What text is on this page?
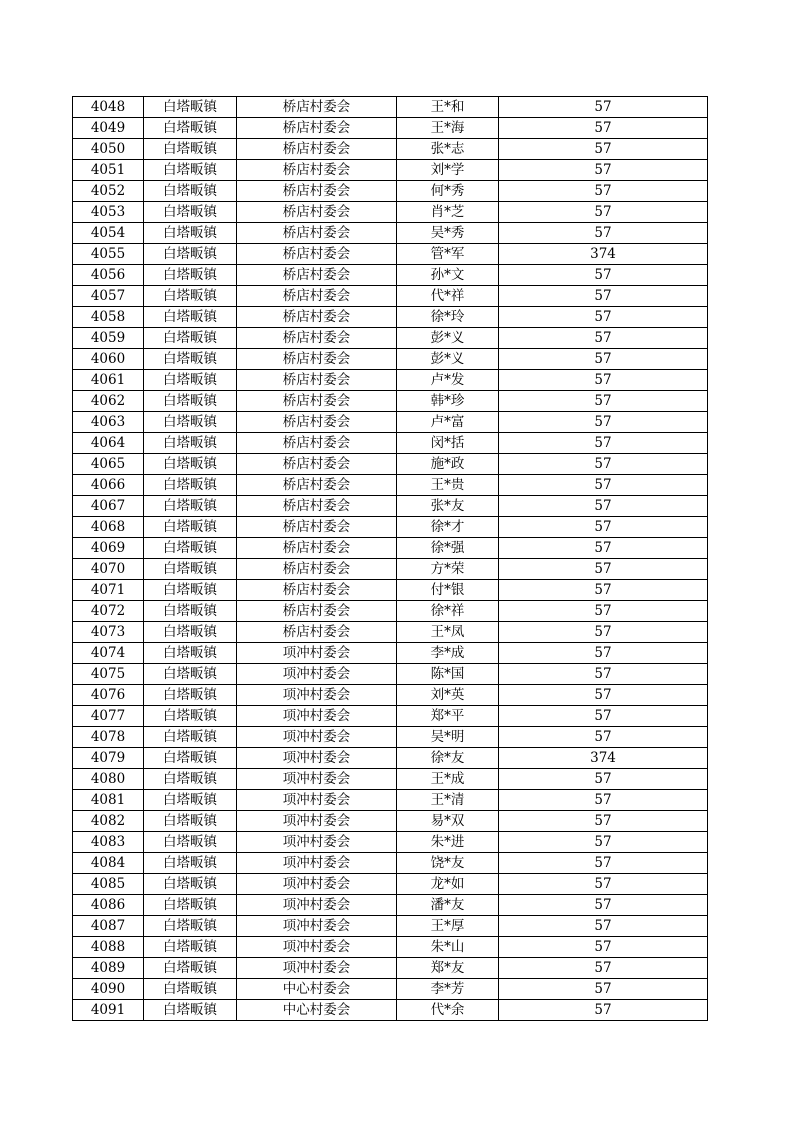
4048	白塔畈镇	桥店村委会	王*和	57
4049	白塔畈镇	桥店村委会	王*海	57
4050	白塔畈镇	桥店村委会	张*志	57
4051	白塔畈镇	桥店村委会	刘*学	57
4052	白塔畈镇	桥店村委会	何*秀	57
4053	白塔畈镇	桥店村委会	肖*芝	57
4054	白塔畈镇	桥店村委会	吴*秀	57
4055	白塔畈镇	桥店村委会	管*军	374
4056	白塔畈镇	桥店村委会	孙*文	57
4057	白塔畈镇	桥店村委会	代*祥	57
4058	白塔畈镇	桥店村委会	徐*玲	57
4059	白塔畈镇	桥店村委会	彭*义	57
4060	白塔畈镇	桥店村委会	彭*义	57
4061	白塔畈镇	桥店村委会	卢*发	57
4062	白塔畈镇	桥店村委会	韩*珍	57
4063	白塔畈镇	桥店村委会	卢*富	57
4064	白塔畈镇	桥店村委会	闵*括	57
4065	白塔畈镇	桥店村委会	施*政	57
4066	白塔畈镇	桥店村委会	王*贵	57
4067	白塔畈镇	桥店村委会	张*友	57
4068	白塔畈镇	桥店村委会	徐*才	57
4069	白塔畈镇	桥店村委会	徐*强	57
4070	白塔畈镇	桥店村委会	方*荣	57
4071	白塔畈镇	桥店村委会	付*银	57
4072	白塔畈镇	桥店村委会	徐*祥	57
4073	白塔畈镇	桥店村委会	王*凤	57
4074	白塔畈镇	项冲村委会	李*成	57
4075	白塔畈镇	项冲村委会	陈*国	57
4076	白塔畈镇	项冲村委会	刘*英	57
4077	白塔畈镇	项冲村委会	郑*平	57
4078	白塔畈镇	项冲村委会	吴*明	57
4079	白塔畈镇	项冲村委会	徐*友	374
4080	白塔畈镇	项冲村委会	王*成	57
4081	白塔畈镇	项冲村委会	王*清	57
4082	白塔畈镇	项冲村委会	易*双	57
4083	白塔畈镇	项冲村委会	朱*进	57
4084	白塔畈镇	项冲村委会	饶*友	57
4085	白塔畈镇	项冲村委会	龙*如	57
4086	白塔畈镇	项冲村委会	潘*友	57
4087	白塔畈镇	项冲村委会	王*厚	57
4088	白塔畈镇	项冲村委会	朱*山	57
4089	白塔畈镇	项冲村委会	郑*友	57
4090	白塔畈镇	中心村委会	李*芳	57
4091	白塔畈镇	中心村委会	代*余	57
